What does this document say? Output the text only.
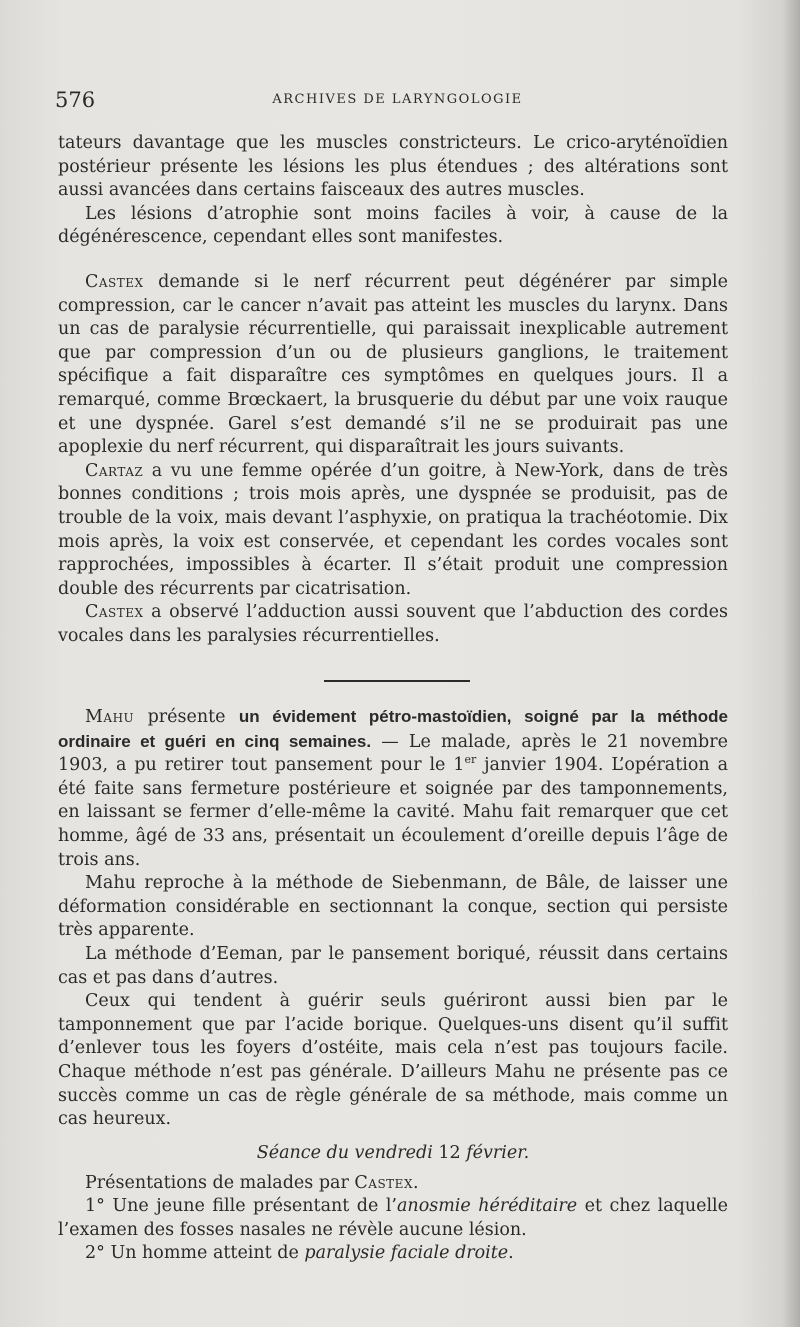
576	ARCHIVES DE LARYNGOLOGIE

tateurs davantage que les muscles constricteurs. Le crico-aryténoïdien postérieur présente les lésions les plus étendues ; des altérations sont aussi avancées dans certains faisceaux des autres muscles.

Les lésions d’atrophie sont moins faciles à voir, à cause de la dégénérescence, cependant elles sont manifestes.

Castex demande si le nerf récurrent peut dégénérer par simple compression, car le cancer n’avait pas atteint les muscles du larynx. Dans un cas de paralysie récurrentielle, qui paraissait inexplicable autrement que par compression d’un ou de plusieurs ganglions, le traitement spécifique a fait disparaître ces symptômes en quelques jours. Il a remarqué, comme Brœckaert, la brusquerie du début par une voix rauque et une dyspnée. Garel s’est demandé s’il ne se produirait pas une apoplexie du nerf récurrent, qui disparaîtrait les jours suivants.

Cartaz a vu une femme opérée d’un goitre, à New-York, dans de très bonnes conditions ; trois mois après, une dyspnée se produisit, pas de trouble de la voix, mais devant l’asphyxie, on pratiqua la trachéotomie. Dix mois après, la voix est conservée, et cependant les cordes vocales sont rapprochées, impossibles à écarter. Il s’était produit une compression double des récurrents par cicatrisation.

Castex a observé l’adduction aussi souvent que l’abduction des cordes vocales dans les paralysies récurrentielles.

Mahu présente un évidement pétro-mastoïdien, soigné par la méthode ordinaire et guéri en cinq semaines. — Le malade, après le 21 novembre 1903, a pu retirer tout pansement pour le 1er janvier 1904. L’opération a été faite sans fermeture postérieure et soignée par des tamponnements, en laissant se fermer d’elle-même la cavité. Mahu fait remarquer que cet homme, âgé de 33 ans, présentait un écoulement d’oreille depuis l’âge de trois ans.

Mahu reproche à la méthode de Siebenmann, de Bâle, de laisser une déformation considérable en sectionnant la conque, section qui persiste très apparente.

La méthode d’Eeman, par le pansement boriqué, réussit dans certains cas et pas dans d’autres.

Ceux qui tendent à guérir seuls guériront aussi bien par le tamponnement que par l’acide borique. Quelques-uns disent qu’il suffit d’enlever tous les foyers d’ostéite, mais cela n’est pas toujours facile. Chaque méthode n’est pas générale. D’ailleurs Mahu ne présente pas ce succès comme un cas de règle générale de sa méthode, mais comme un cas heureux.

Séance du vendredi 12 février.

Présentations de malades par Castex.

1° Une jeune fille présentant de l’anosmie héréditaire et chez laquelle l’examen des fosses nasales ne révèle aucune lésion.

2° Un homme atteint de paralysie faciale droite.
